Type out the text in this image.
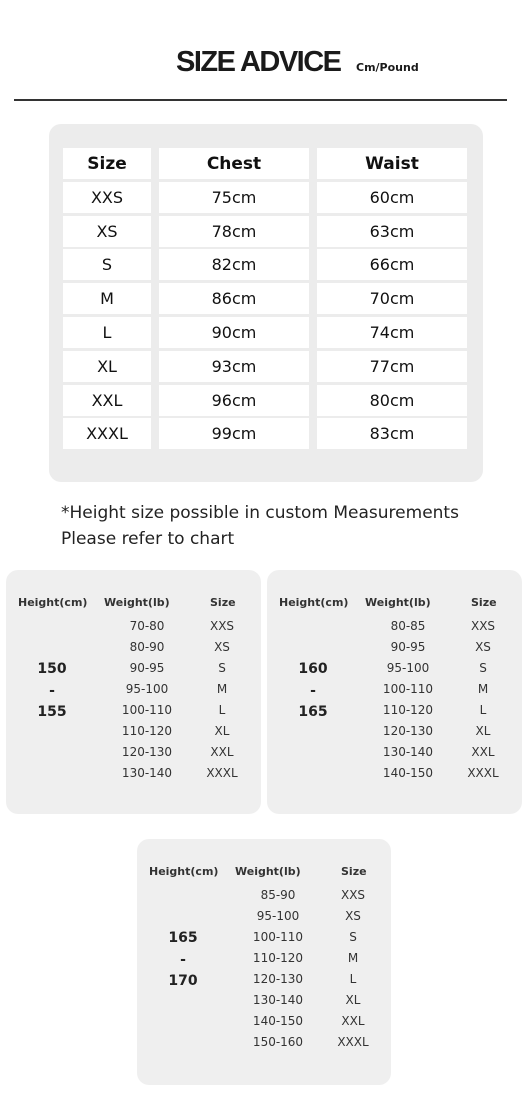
SIZE ADVICE Cm/Pound
Size	Chest	Waist
XXS	75cm	60cm
XS	78cm	63cm
S	82cm	66cm
M	86cm	70cm
L	90cm	74cm
XL	93cm	77cm
XXL	96cm	80cm
XXXL	99cm	83cm
*Height size possible in custom Measurements
Please refer to chart
Height(cm) Weight(lb)	Size
70-80	XXS
80-90	XS
90-95	S
95-100	M
100-110	L
110-120	XL
120-130	XXL
130-140	XXXL
150
-
155
Height(cm) Weight(lb)	Size
80-85	XXS
90-95	XS
95-100	S
100-110	M
110-120	L
120-130	XL
130-140	XXL
140-150	XXXL
160
-
165
Height(cm) Weight(lb)	Size
85-90	XXS
95-100	XS
100-110	S
110-120	M
120-130	L
130-140	XL
140-150	XXL
150-160	XXXL
165
-
170
